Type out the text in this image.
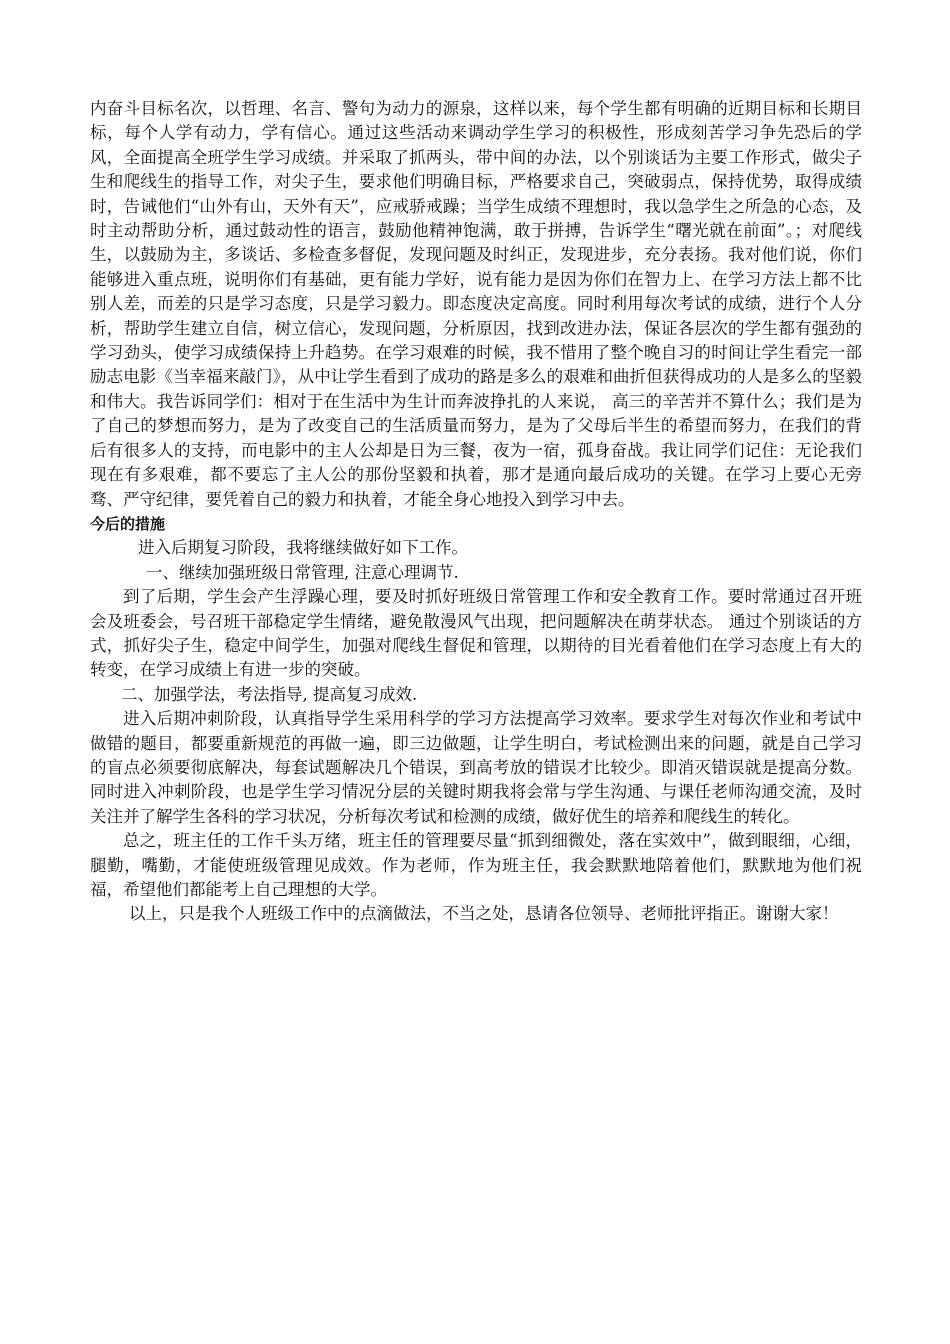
内奋斗目标名次，以哲理、名言、警句为动力的源泉，这样以来，每个学生都有明确的近期目标和长期目标，每个人学有动力，学有信心。通过这些活动来调动学生学习的积极性，形成刻苦学习争先恐后的学风，全面提高全班学生学习成绩。并采取了抓两头，带中间的办法，以个别谈话为主要工作形式，做尖子生和爬线生的指导工作，对尖子生，要求他们明确目标，严格要求自己，突破弱点，保持优势，取得成绩时，告诫他们“山外有山，天外有天”，应戒骄戒躁；当学生成绩不理想时，我以急学生之所急的心态，及时主动帮助分析，通过鼓动性的语言，鼓励他精神饱满，敢于拼搏，告诉学生“曙光就在前面”。；对爬线生，以鼓励为主，多谈话、多检查多督促，发现问题及时纠正，发现进步，充分表扬。我对他们说，你们能够进入重点班，说明你们有基础，更有能力学好，说有能力是因为你们在智力上、在学习方法上都不比别人差，而差的只是学习态度，只是学习毅力。即态度决定高度。同时利用每次考试的成绩，进行个人分析，帮助学生建立自信，树立信心，发现问题，分析原因，找到改进办法，保证各层次的学生都有强劲的学习劲头，使学习成绩保持上升趋势。在学习艰难的时候，我不惜用了整个晚自习的时间让学生看完一部励志电影《当幸福来敲门》，从中让学生看到了成功的路是多么的艰难和曲折但获得成功的人是多么的坚毅和伟大。我告诉同学们：相对于在生活中为生计而奔波挣扎的人来说， 高三的辛苦并不算什么；我们是为了自己的梦想而努力，是为了改变自己的生活质量而努力，是为了父母后半生的希望而努力，在我们的背后有很多人的支持，而电影中的主人公却是日为三餐，夜为一宿，孤身奋战。我让同学们记住：无论我们现在有多艰难，都不要忘了主人公的那份坚毅和执着，那才是通向最后成功的关键。在学习上要心无旁骛、严守纪律，要凭着自己的毅力和执着，才能全身心地投入到学习中去。

今后的措施

进入后期复习阶段，我将继续做好如下工作。

一、继续加强班级日常管理, 注意心理调节.

到了后期，学生会产生浮躁心理，要及时抓好班级日常管理工作和安全教育工作。要时常通过召开班会及班委会，号召班干部稳定学生情绪，避免散漫风气出现，把问题解决在萌芽状态。 通过个别谈话的方式，抓好尖子生，稳定中间学生，加强对爬线生督促和管理，以期待的目光看着他们在学习态度上有大的转变，在学习成绩上有进一步的突破。

二、加强学法，考法指导, 提高复习成效.

进入后期冲刺阶段，认真指导学生采用科学的学习方法提高学习效率。要求学生对每次作业和考试中做错的题目，都要重新规范的再做一遍，即三边做题，让学生明白，考试检测出来的问题，就是自己学习的盲点必须要彻底解决，每套试题解决几个错误，到高考放的错误才比较少。即消灭错误就是提高分数。 同时进入冲刺阶段，也是学生学习情况分层的关键时期我将会常与学生沟通、与课任老师沟通交流，及时关注并了解学生各科的学习状况，分析每次考试和检测的成绩，做好优生的培养和爬线生的转化。

总之，班主任的工作千头万绪，班主任的管理要尽量“抓到细微处，落在实效中”，做到眼细，心细，腿勤，嘴勤，才能使班级管理见成效。作为老师，作为班主任，我会默默地陪着他们，默默地为他们祝福，希望他们都能考上自己理想的大学。

以上，只是我个人班级工作中的点滴做法，不当之处，恳请各位领导、老师批评指正。谢谢大家！
